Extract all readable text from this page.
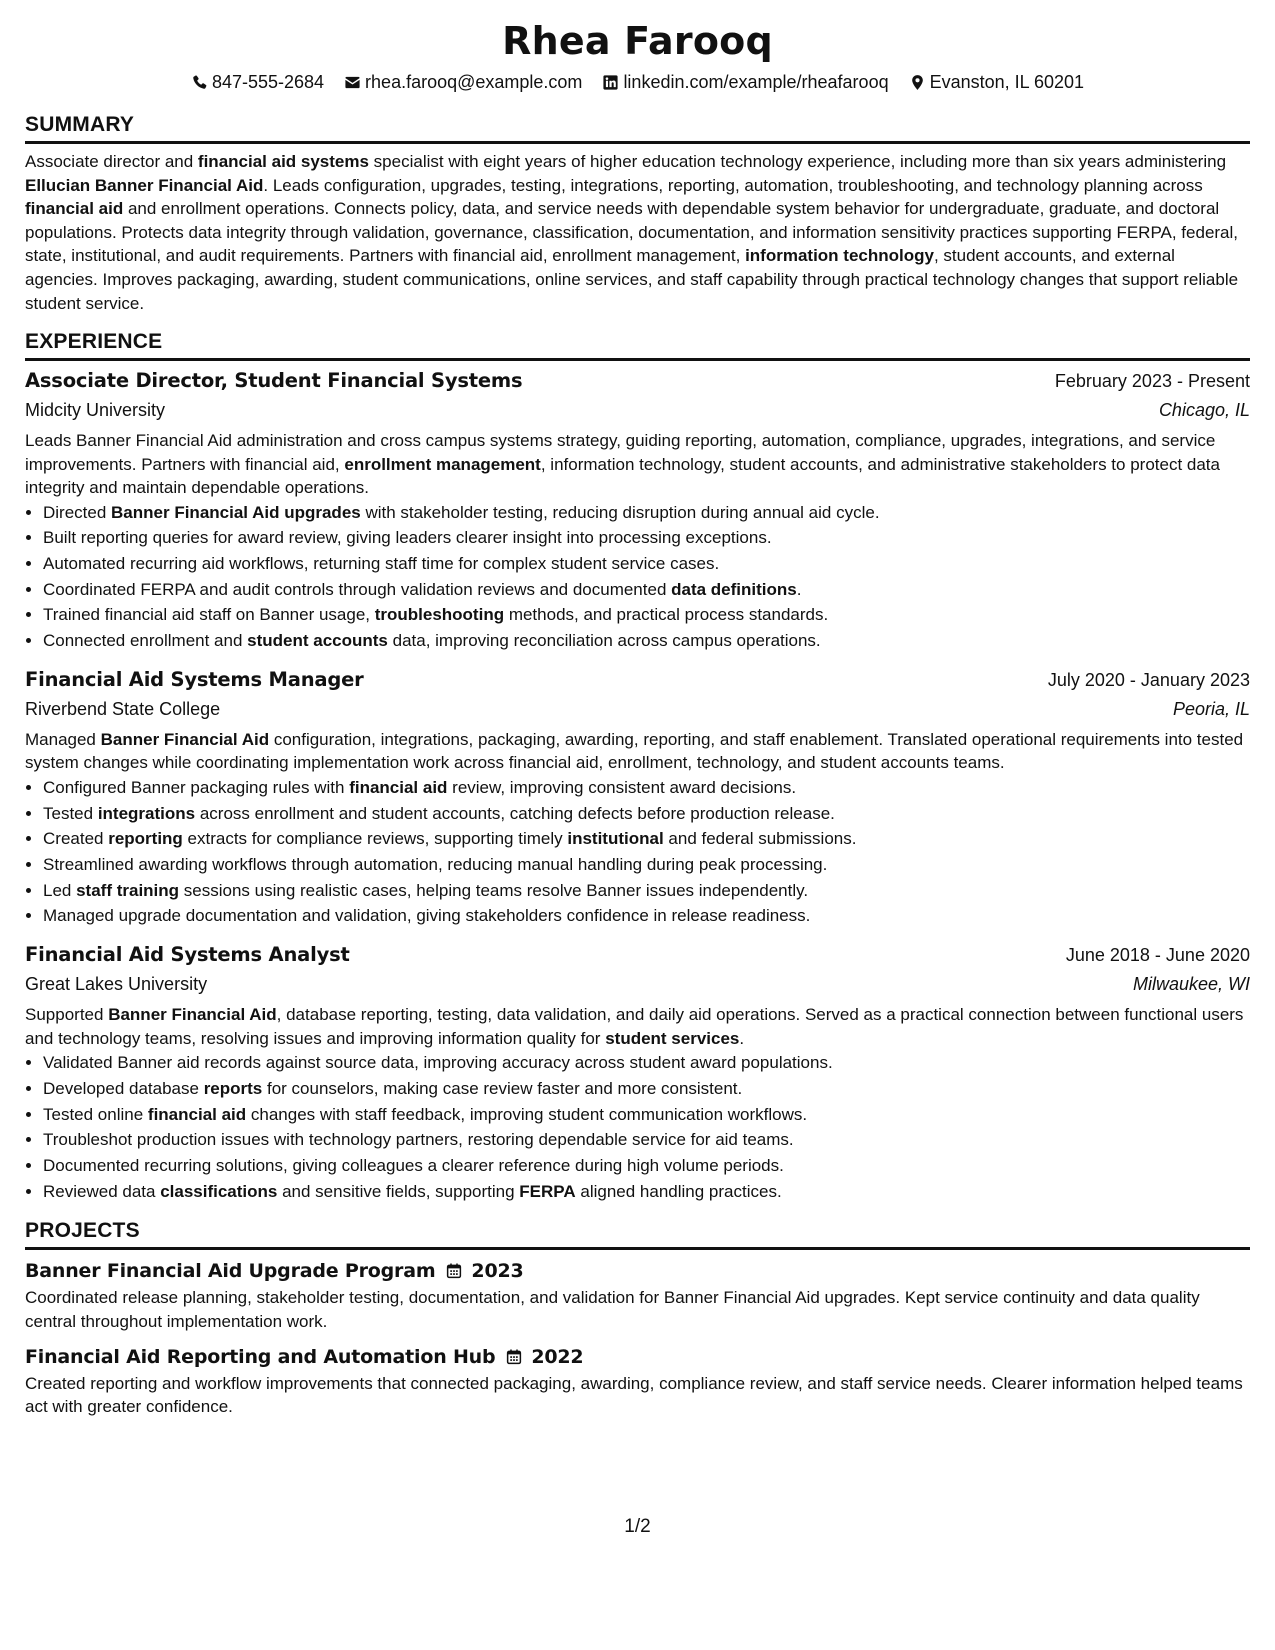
Rhea Farooq
847-555-2684 rhea.farooq@example.com linkedin.com/example/rheafarooq Evanston, IL 60201
SUMMARY

Associate director and financial aid systems specialist with eight years of higher education technology experience, including more than six years administering Ellucian Banner Financial Aid. Leads configuration, upgrades, testing, integrations, reporting, automation, troubleshooting, and technology planning across financial aid and enrollment operations. Connects policy, data, and service needs with dependable system behavior for undergraduate, graduate, and doctoral populations. Protects data integrity through validation, governance, classification, documentation, and information sensitivity practices supporting FERPA, federal, state, institutional, and audit requirements. Partners with financial aid, enrollment management, information technology, student accounts, and external agencies. Improves packaging, awarding, student communications, online services, and staff capability through practical technology changes that support reliable student service.

EXPERIENCE
Associate Director, Student Financial Systems	February 2023 - Present
Midcity University	Chicago, IL

Leads Banner Financial Aid administration and cross campus systems strategy, guiding reporting, automation, compliance, upgrades, integrations, and service improvements. Partners with financial aid, enrollment management, information technology, student accounts, and administrative stakeholders to protect data integrity and maintain dependable operations.

• Directed Banner Financial Aid upgrades with stakeholder testing, reducing disruption during annual aid cycle.
• Built reporting queries for award review, giving leaders clearer insight into processing exceptions.
• Automated recurring aid workflows, returning staff time for complex student service cases.
• Coordinated FERPA and audit controls through validation reviews and documented data definitions.
• Trained financial aid staff on Banner usage, troubleshooting methods, and practical process standards.
• Connected enrollment and student accounts data, improving reconciliation across campus operations.
Financial Aid Systems Manager	July 2020 - January 2023
Riverbend State College	Peoria, IL

Managed Banner Financial Aid configuration, integrations, packaging, awarding, reporting, and staff enablement. Translated operational requirements into tested system changes while coordinating implementation work across financial aid, enrollment, technology, and student accounts teams.

• Configured Banner packaging rules with financial aid review, improving consistent award decisions.
• Tested integrations across enrollment and student accounts, catching defects before production release.
• Created reporting extracts for compliance reviews, supporting timely institutional and federal submissions.
• Streamlined awarding workflows through automation, reducing manual handling during peak processing.
• Led staff training sessions using realistic cases, helping teams resolve Banner issues independently.
• Managed upgrade documentation and validation, giving stakeholders confidence in release readiness.
Financial Aid Systems Analyst	June 2018 - June 2020
Great Lakes University	Milwaukee, WI

Supported Banner Financial Aid, database reporting, testing, data validation, and daily aid operations. Served as a practical connection between functional users and technology teams, resolving issues and improving information quality for student services.

• Validated Banner aid records against source data, improving accuracy across student award populations.
• Developed database reports for counselors, making case review faster and more consistent.
• Tested online financial aid changes with staff feedback, improving student communication workflows.
• Troubleshot production issues with technology partners, restoring dependable service for aid teams.
• Documented recurring solutions, giving colleagues a clearer reference during high volume periods.
• Reviewed data classifications and sensitive fields, supporting FERPA aligned handling practices.
PROJECTS
Banner Financial Aid Upgrade Program 2023

Coordinated release planning, stakeholder testing, documentation, and validation for Banner Financial Aid upgrades. Kept service continuity and data quality central throughout implementation work.

Financial Aid Reporting and Automation Hub 2022

Created reporting and workflow improvements that connected packaging, awarding, compliance review, and staff service needs. Clearer information helped teams act with greater confidence.

1/2
